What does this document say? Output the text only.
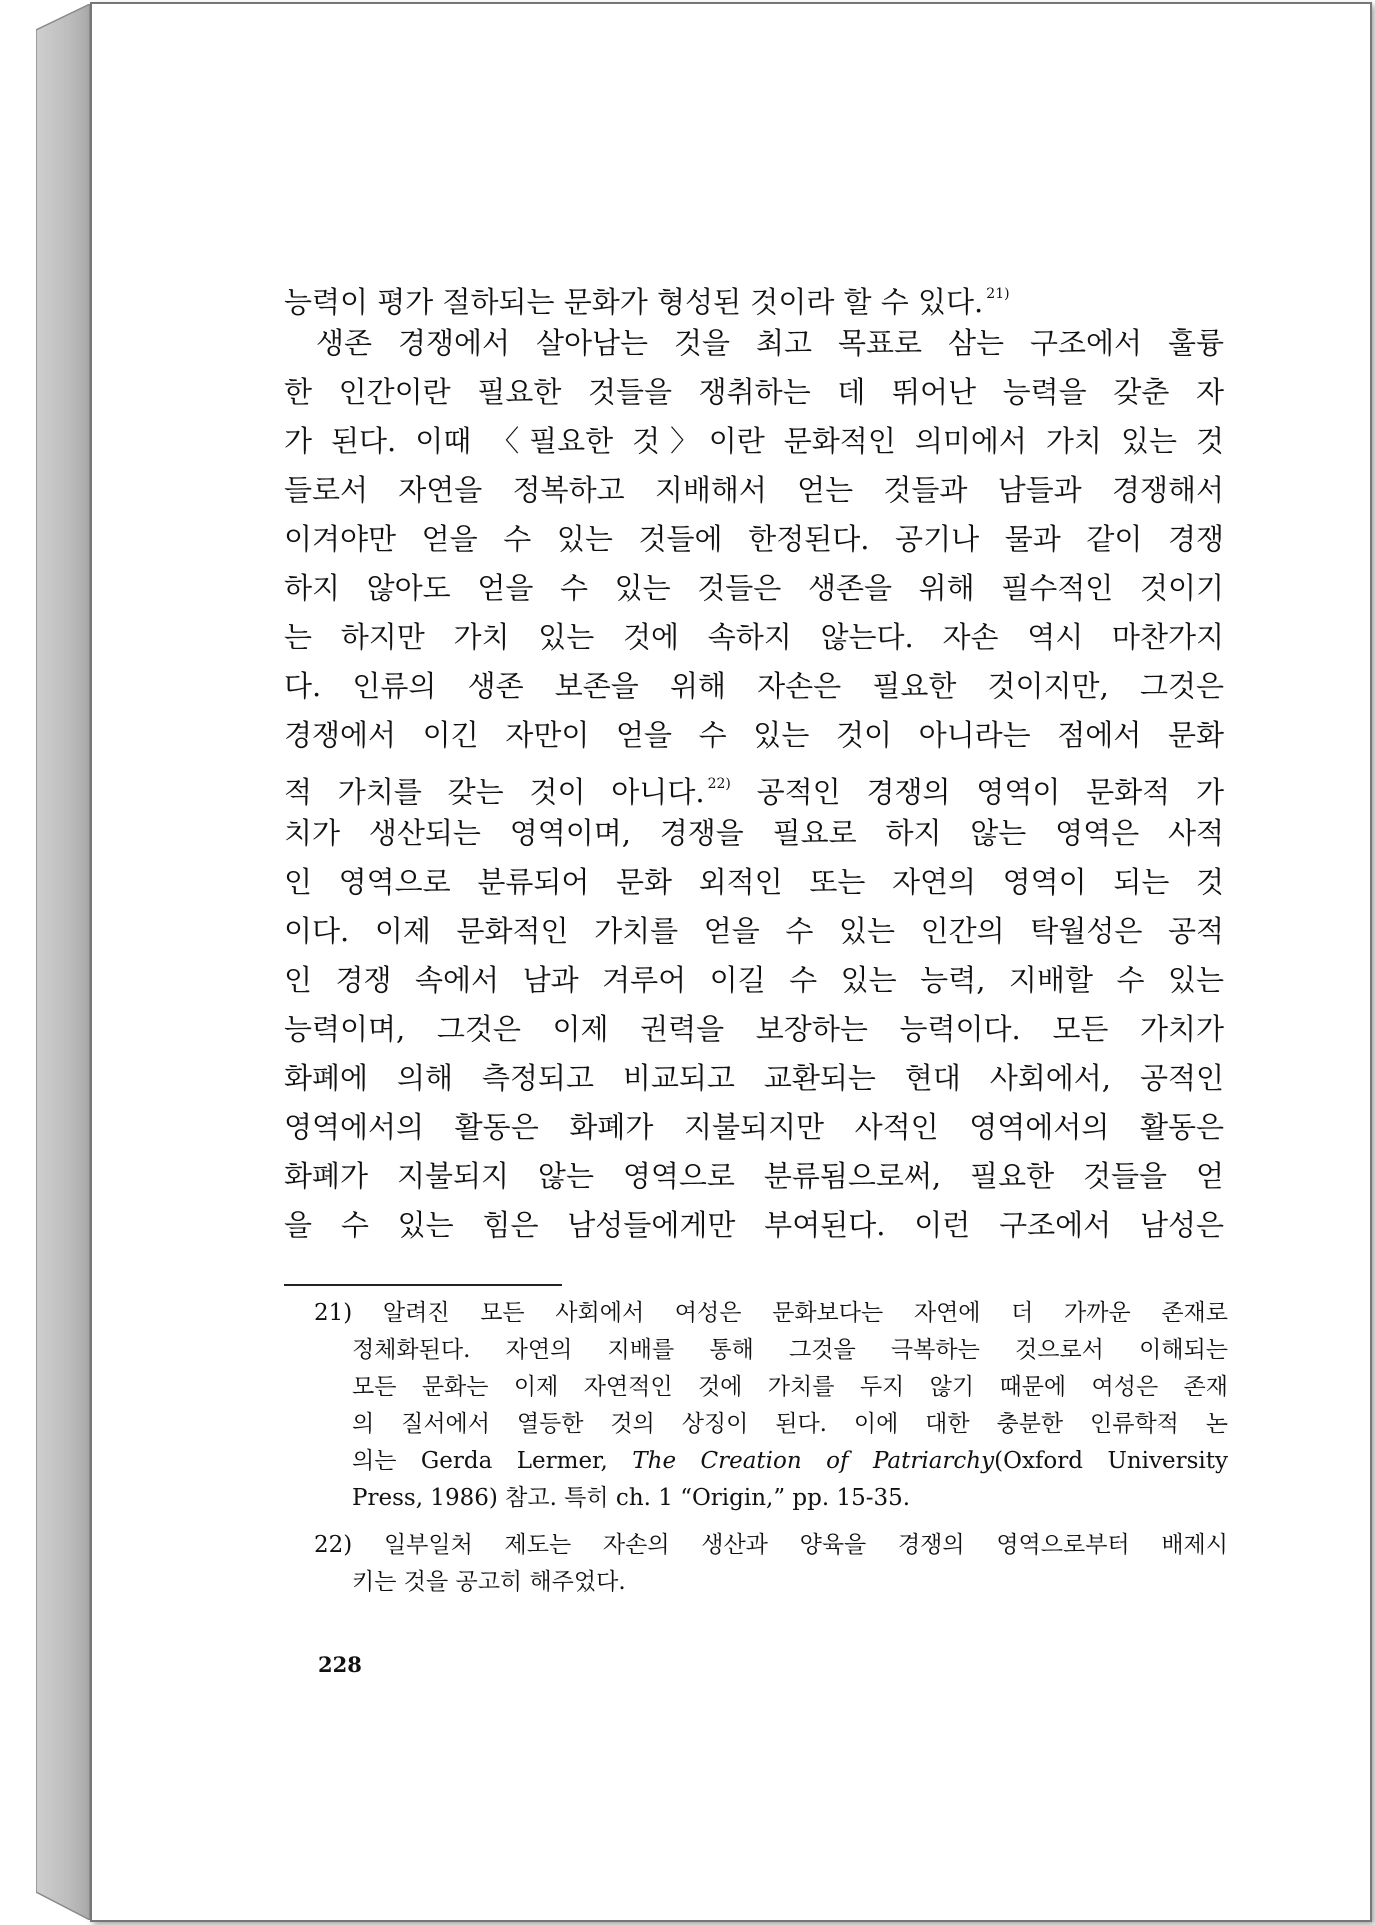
능력이 평가 절하되는 문화가 형성된 것이라 할 수 있다. $^{21)}$
생존 경쟁에서 살아남는 것을 최고 목표로 삼는 구조에서 훌륭
한 인간이란 필요한 것들을 쟁취하는 데 뛰어난 능력을 갖춘 자
가 된다. 이때 〈필요한 것〉이란 문화적인 의미에서 가치 있는 것
들로서 자연을 정복하고 지배해서 얻는 것들과 남들과 경쟁해서
이겨야만 얻을 수 있는 것들에 한정된다. 공기나 물과 같이 경쟁
하지 않아도 얻을 수 있는 것들은 생존을 위해 필수적인 것이기
는 하지만 가치 있는 것에 속하지 않는다. 자손 역시 마찬가지
다. 인류의 생존 보존을 위해 자손은 필요한 것이지만, 그것은
경쟁에서 이긴 자만이 얻을 수 있는 것이 아니라는 점에서 문화
적 가치를 갖는 것이 아니다. $^{22)}$ 공적인 경쟁의 영역이 문화적 가
치가 생산되는 영역이며, 경쟁을 필요로 하지 않는 영역은 사적
인 영역으로 분류되어 문화 외적인 또는 자연의 영역이 되는 것
이다. 이제 문화적인 가치를 얻을 수 있는 인간의 탁월성은 공적
인 경쟁 속에서 남과 겨루어 이길 수 있는 능력, 지배할 수 있는
능력이며, 그것은 이제 권력을 보장하는 능력이다. 모든 가치가
화폐에 의해 측정되고 비교되고 교환되는 현대 사회에서, 공적인
영역에서의 활동은 화폐가 지불되지만 사적인 영역에서의 활동은
화폐가 지불되지 않는 영역으로 분류됨으로써, 필요한 것들을 얻
을 수 있는 힘은 남성들에게만 부여된다. 이런 구조에서 남성은
21) 알려진 모든 사회에서 여성은 문화보다는 자연에 더 가까운 존재로
정체화된다. 자연의 지배를 통해 그것을 극복하는 것으로서 이해되는
모든 문화는 이제 자연적인 것에 가치를 두지 않기 때문에 여성은 존재
의 질서에서 열등한 것의 상징이 된다. 이에 대한 충분한 인류학적 논
의는 Gerda Lermer, The Creation of Patriarchy(Oxford University
Press, 1986) 참고. 특히 ch. 1 “Origin,” pp. 15-35.
22) 일부일처 제도는 자손의 생산과 양육을 경쟁의 영역으로부터 배제시
키는 것을 공고히 해주었다.
228
